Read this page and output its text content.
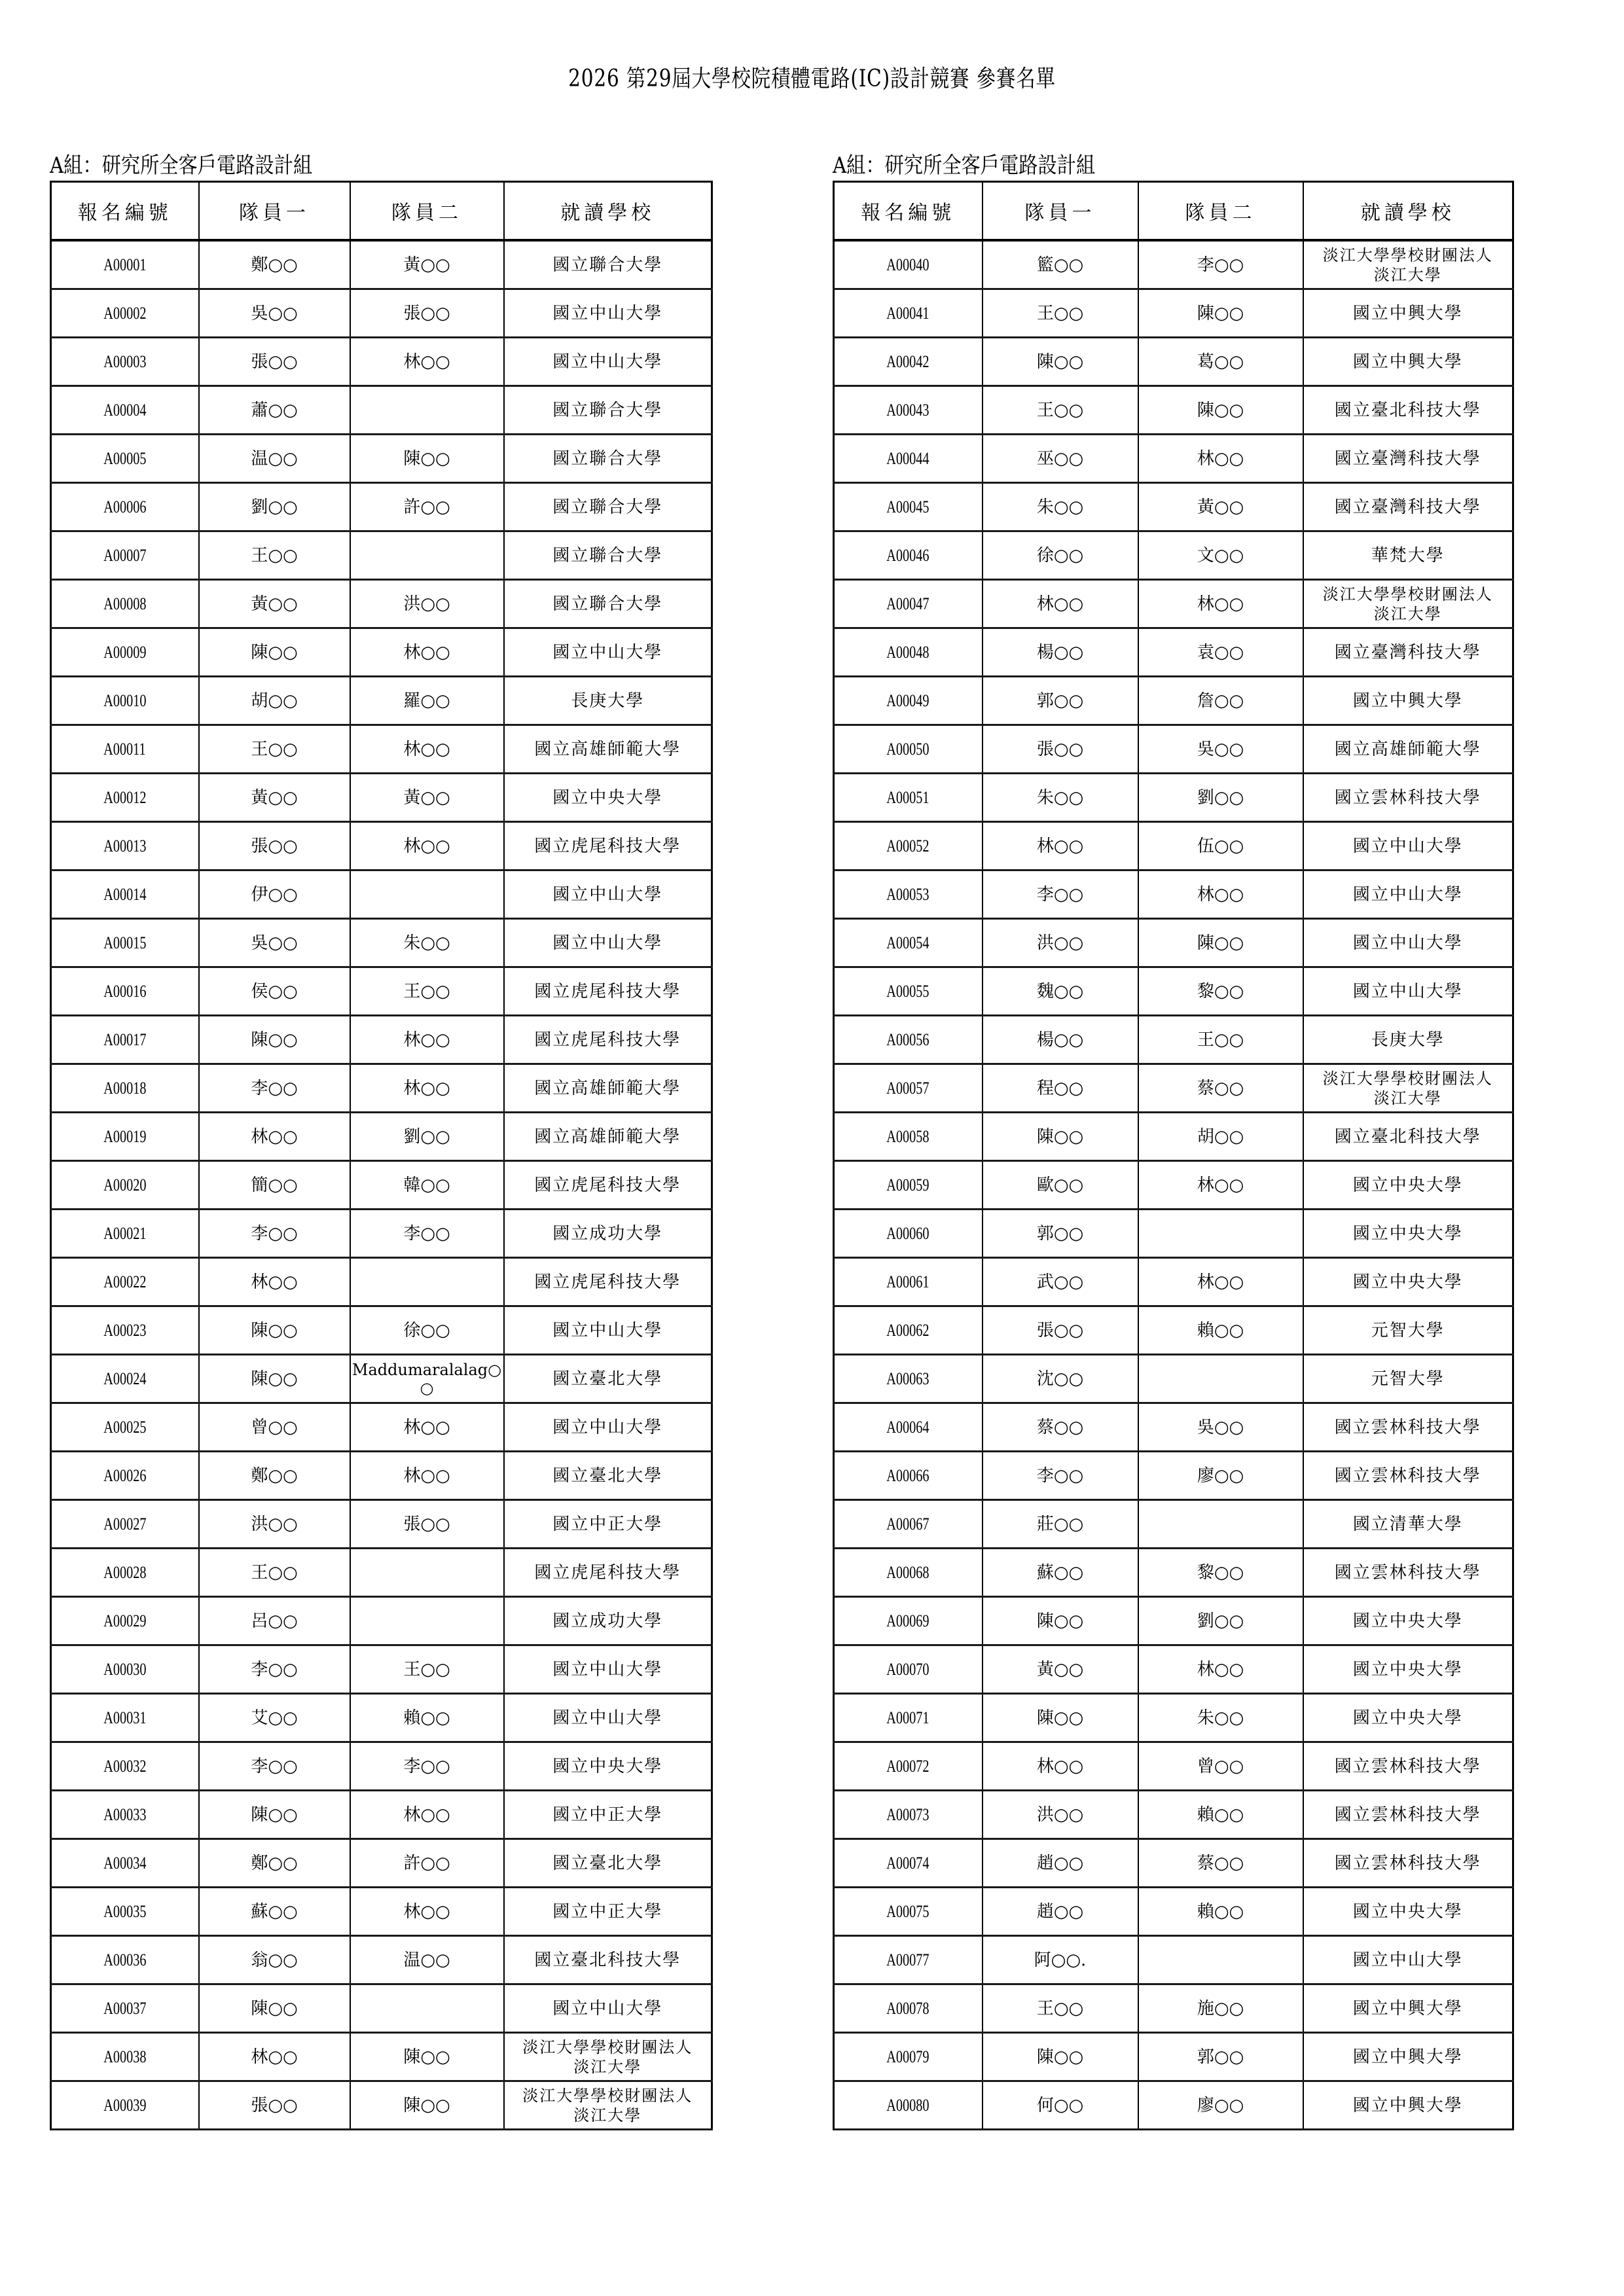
2026 第29屆大學校院積體電路(IC)設計競賽 參賽名單
A組：研究所全客戶電路設計組
報名編號	隊員一	隊員二	就讀學校
A00001	鄭○○	黃○○	國立聯合大學
A00002	吳○○	張○○	國立中山大學
A00003	張○○	林○○	國立中山大學
A00004	蕭○○		國立聯合大學
A00005	温○○	陳○○	國立聯合大學
A00006	劉○○	許○○	國立聯合大學
A00007	王○○		國立聯合大學
A00008	黃○○	洪○○	國立聯合大學
A00009	陳○○	林○○	國立中山大學
A00010	胡○○	羅○○	長庚大學
A00011	王○○	林○○	國立高雄師範大學
A00012	黃○○	黃○○	國立中央大學
A00013	張○○	林○○	國立虎尾科技大學
A00014	伊○○		國立中山大學
A00015	吳○○	朱○○	國立中山大學
A00016	侯○○	王○○	國立虎尾科技大學
A00017	陳○○	林○○	國立虎尾科技大學
A00018	李○○	林○○	國立高雄師範大學
A00019	林○○	劉○○	國立高雄師範大學
A00020	簡○○	韓○○	國立虎尾科技大學
A00021	李○○	李○○	國立成功大學
A00022	林○○		國立虎尾科技大學
A00023	陳○○	徐○○	國立中山大學
A00024	陳○○	Maddumaralalag○○	國立臺北大學
A00025	曾○○	林○○	國立中山大學
A00026	鄭○○	林○○	國立臺北大學
A00027	洪○○	張○○	國立中正大學
A00028	王○○		國立虎尾科技大學
A00029	呂○○		國立成功大學
A00030	李○○	王○○	國立中山大學
A00031	艾○○	賴○○	國立中山大學
A00032	李○○	李○○	國立中央大學
A00033	陳○○	林○○	國立中正大學
A00034	鄭○○	許○○	國立臺北大學
A00035	蘇○○	林○○	國立中正大學
A00036	翁○○	温○○	國立臺北科技大學
A00037	陳○○		國立中山大學
A00038	林○○	陳○○	淡江大學學校財團法人
淡江大學
A00039	張○○	陳○○	淡江大學學校財團法人
淡江大學
A組：研究所全客戶電路設計組
報名編號	隊員一	隊員二	就讀學校
A00040	籃○○	李○○	淡江大學學校財團法人
淡江大學
A00041	王○○	陳○○	國立中興大學
A00042	陳○○	葛○○	國立中興大學
A00043	王○○	陳○○	國立臺北科技大學
A00044	巫○○	林○○	國立臺灣科技大學
A00045	朱○○	黃○○	國立臺灣科技大學
A00046	徐○○	文○○	華梵大學
A00047	林○○	林○○	淡江大學學校財團法人
淡江大學
A00048	楊○○	袁○○	國立臺灣科技大學
A00049	郭○○	詹○○	國立中興大學
A00050	張○○	吳○○	國立高雄師範大學
A00051	朱○○	劉○○	國立雲林科技大學
A00052	林○○	伍○○	國立中山大學
A00053	李○○	林○○	國立中山大學
A00054	洪○○	陳○○	國立中山大學
A00055	魏○○	黎○○	國立中山大學
A00056	楊○○	王○○	長庚大學
A00057	程○○	蔡○○	淡江大學學校財團法人
淡江大學
A00058	陳○○	胡○○	國立臺北科技大學
A00059	歐○○	林○○	國立中央大學
A00060	郭○○		國立中央大學
A00061	武○○	林○○	國立中央大學
A00062	張○○	賴○○	元智大學
A00063	沈○○		元智大學
A00064	蔡○○	吳○○	國立雲林科技大學
A00066	李○○	廖○○	國立雲林科技大學
A00067	莊○○		國立清華大學
A00068	蘇○○	黎○○	國立雲林科技大學
A00069	陳○○	劉○○	國立中央大學
A00070	黃○○	林○○	國立中央大學
A00071	陳○○	朱○○	國立中央大學
A00072	林○○	曾○○	國立雲林科技大學
A00073	洪○○	賴○○	國立雲林科技大學
A00074	趙○○	蔡○○	國立雲林科技大學
A00075	趙○○	賴○○	國立中央大學
A00077	阿○○.		國立中山大學
A00078	王○○	施○○	國立中興大學
A00079	陳○○	郭○○	國立中興大學
A00080	何○○	廖○○	國立中興大學
